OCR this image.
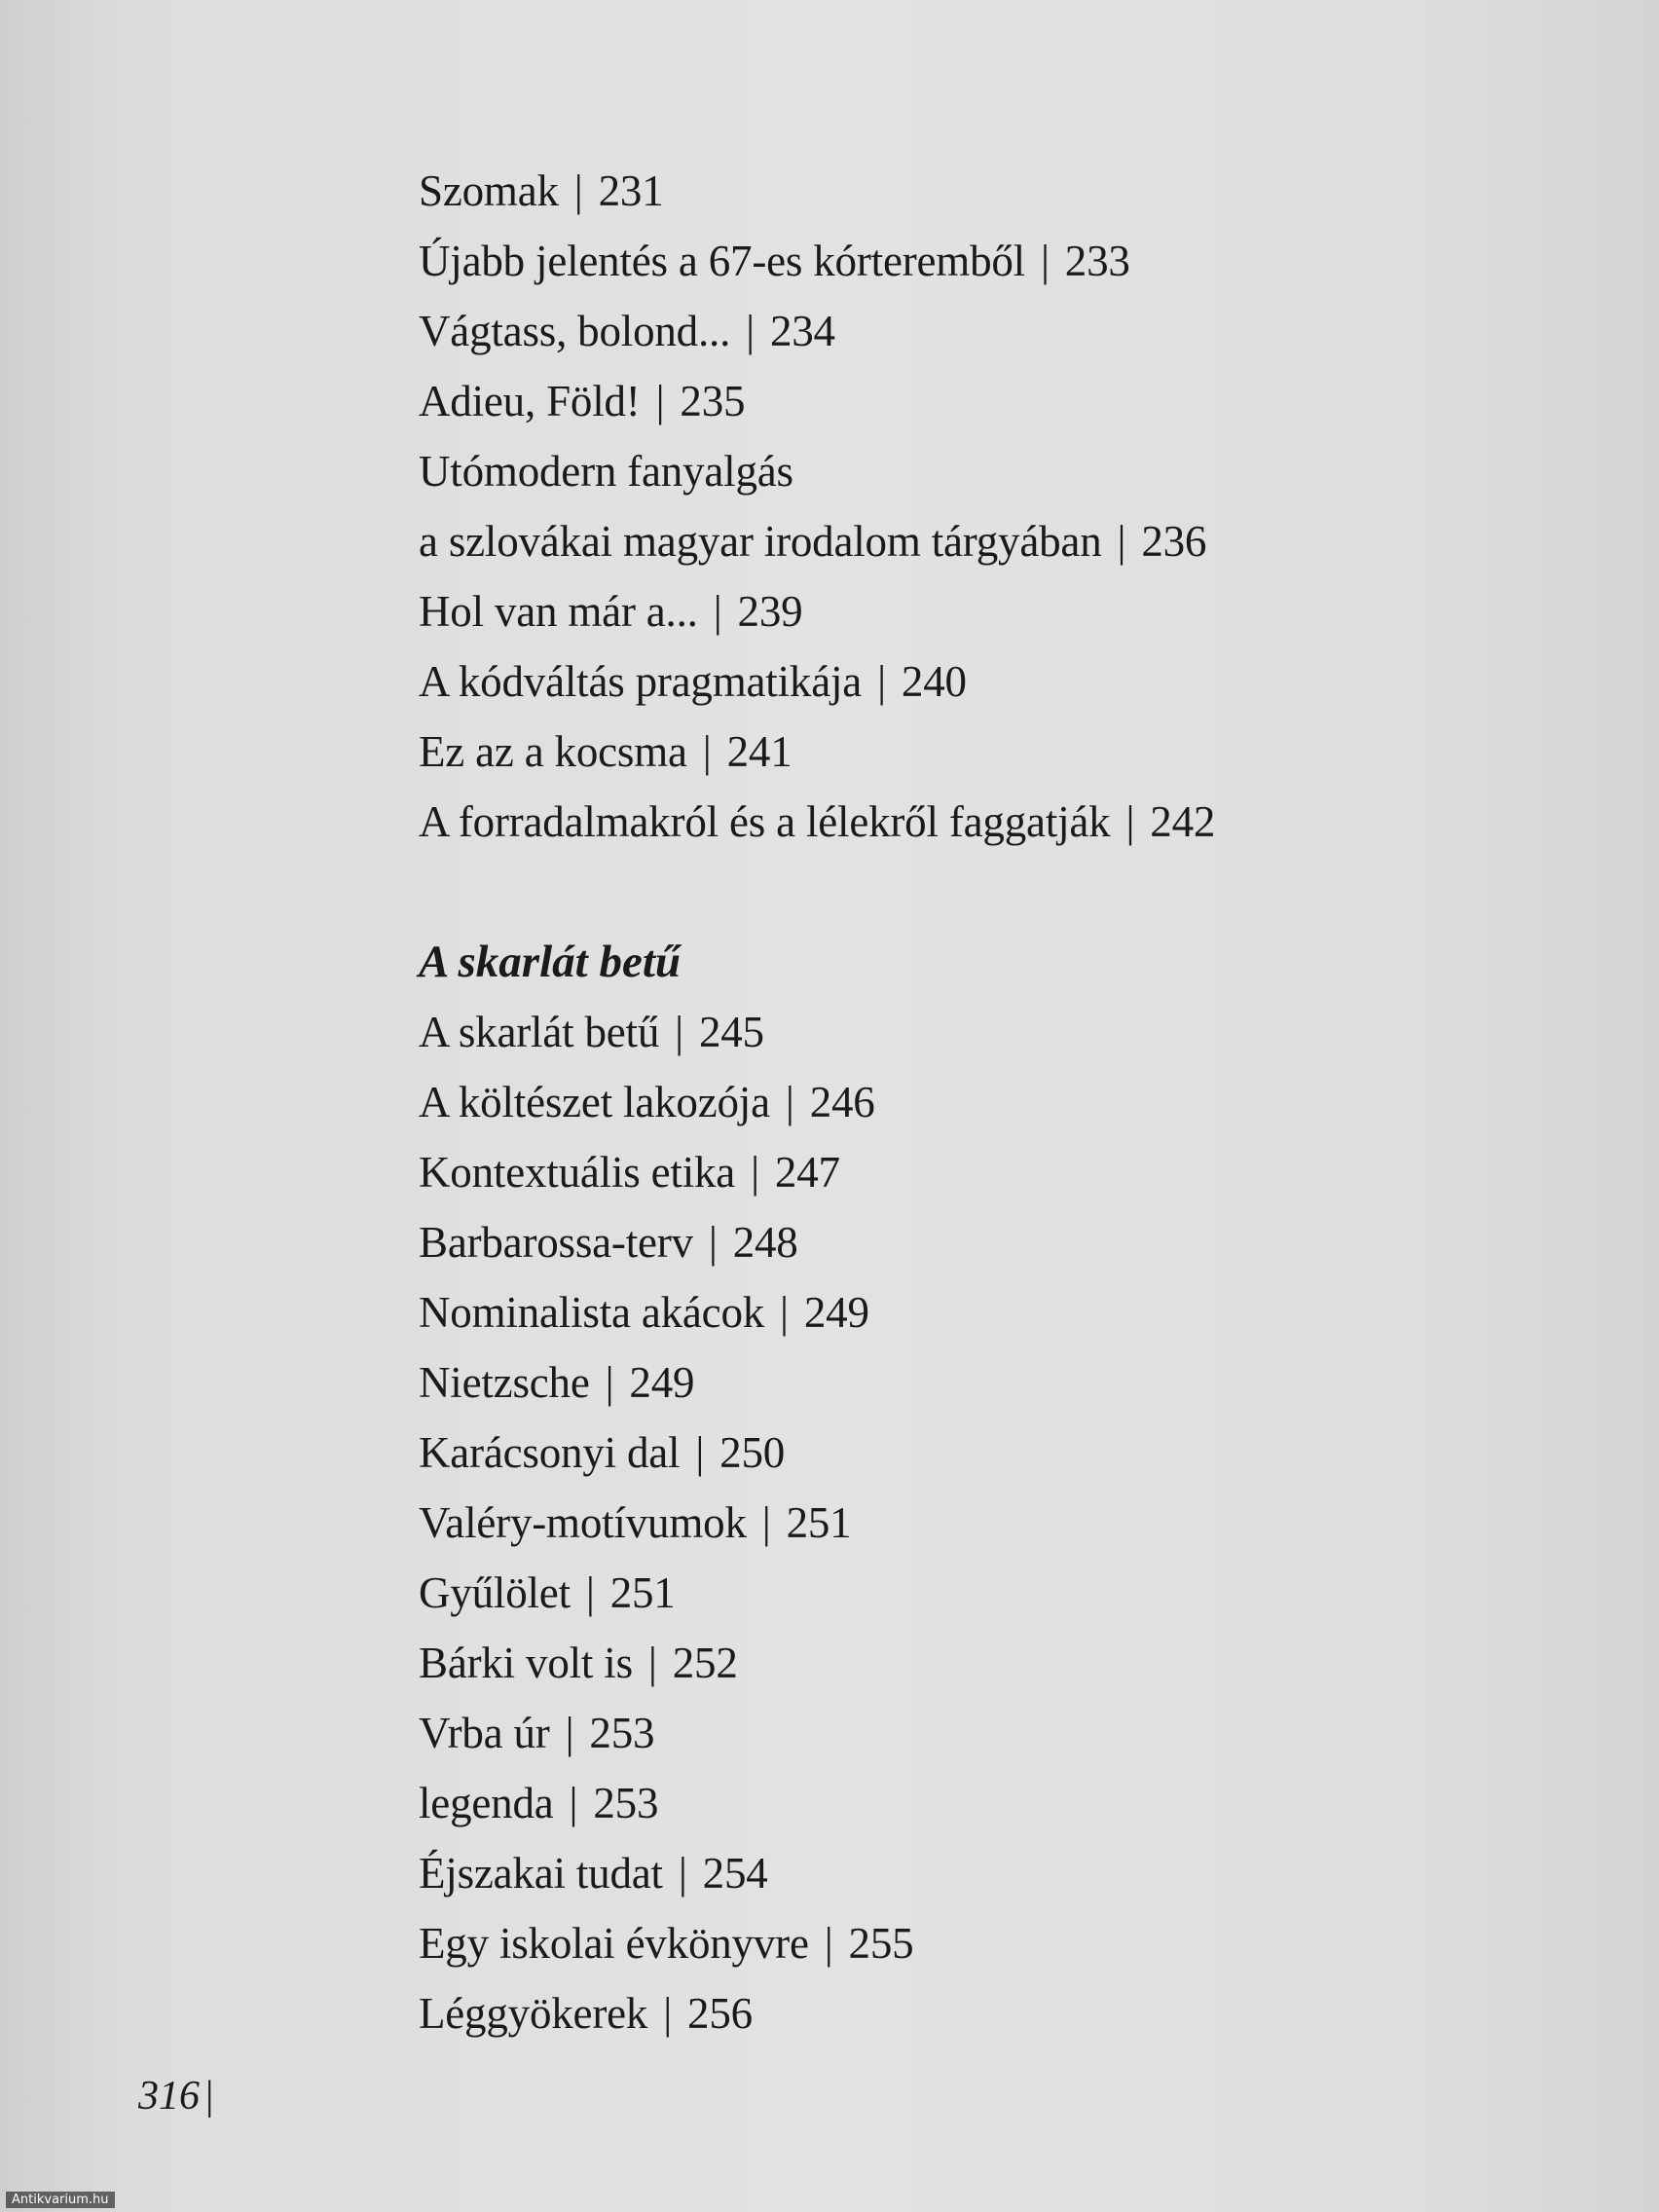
Szomak | 231
Újabb jelentés a 67-es kórteremből | 233
Vágtass, bolond... | 234
Adieu, Föld! | 235
Utómodern fanyalgás
a szlovákai magyar irodalom tárgyában | 236
Hol van már a... | 239
A kódváltás pragmatikája | 240
Ez az a kocsma | 241
A forradalmakról és a lélekről faggatják | 242
A skarlát betű
A skarlát betű | 245
A költészet lakozója | 246
Kontextuális etika | 247
Barbarossa-terv | 248
Nominalista akácok | 249
Nietzsche | 249
Karácsonyi dal | 250
Valéry-motívumok | 251
Gyűlölet | 251
Bárki volt is | 252
Vrba úr | 253
legenda | 253
Éjszakai tudat | 254
Egy iskolai évkönyvre | 255
Léggyökerek | 256
316 |
Antikvarium.hu
